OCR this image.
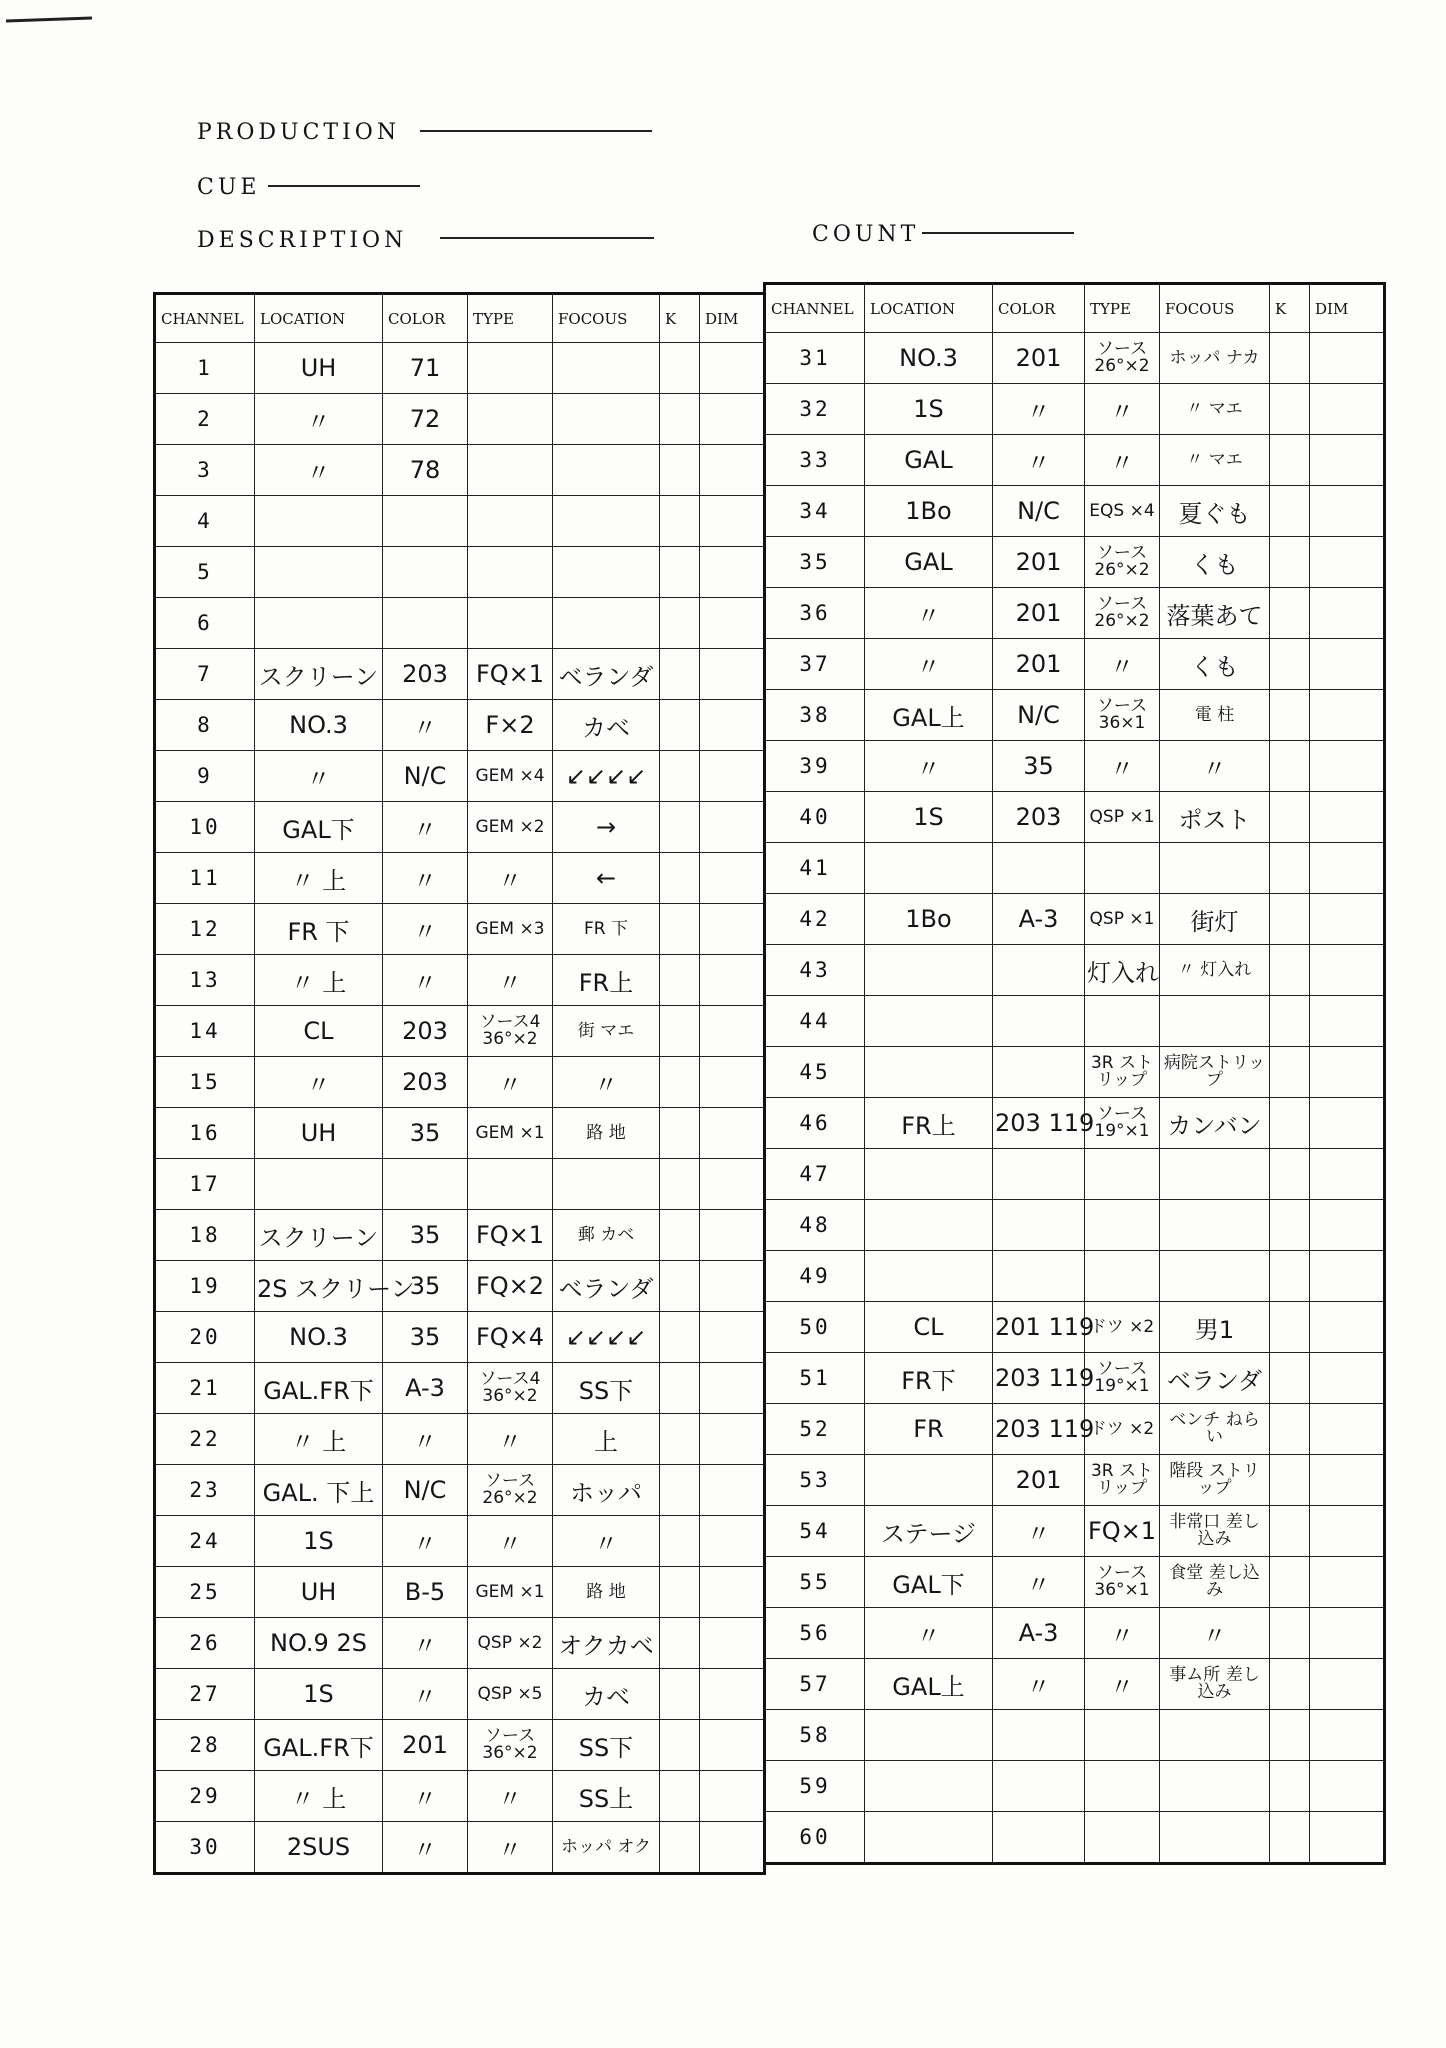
PRODUCTION
CUE
DESCRIPTION	COUNT
CHANNEL	LOCATION	COLOR	TYPE	FOCOUS	K	DIM
1	UH	71				
2	〃	72				
3	〃	78				
4						
5						
6						
7	スクリーン	203	FQ×1	ベランダ		
8	NO.3	〃	F×2	カベ		
9	〃	N/C	GEM ×4	↙↙↙↙		
10	GAL下	〃	GEM ×2	→		
11	〃 上	〃	〃	←		
12	FR 下	〃	GEM ×3	FR 下		
13	〃 上	〃	〃	FR上		
14	CL	203	ソース4 36°×2	街 マエ		
15	〃	203	〃	〃		
16	UH	35	GEM ×1	路 地		
17						
18	スクリーン	35	FQ×1	郵 カベ		
19	2S スクリーン	35	FQ×2	ベランダ		
20	NO.3	35	FQ×4	↙↙↙↙		
21	GAL.FR下	A-3	ソース4 36°×2	SS下		
22	〃 上	〃	〃	上		
23	GAL. 下上	N/C	ソース 26°×2	ホッパ		
24	1S	〃	〃	〃		
25	UH	B-5	GEM ×1	路 地		
26	NO.9 2S	〃	QSP ×2	オクカベ		
27	1S	〃	QSP ×5	カベ		
28	GAL.FR下	201	ソース 36°×2	SS下		
29	〃 上	〃	〃	SS上		
30	2SUS	〃	〃	ホッパ オク		
CHANNEL	LOCATION	COLOR	TYPE	FOCOUS	K	DIM
31	NO.3	201	ソース 26°×2	ホッパ ナカ		
32	1S	〃	〃	〃 マエ		
33	GAL	〃	〃	〃 マエ		
34	1Bo	N/C	EQS ×4	夏ぐも		
35	GAL	201	ソース 26°×2	くも		
36	〃	201	ソース 26°×2	落葉あて		
37	〃	201	〃	くも		
38	GAL上	N/C	ソース 36×1	電 柱		
39	〃	35	〃	〃		
40	1S	203	QSP ×1	ポスト		
41						
42	1Bo	A-3	QSP ×1	街灯		
43			灯入れ	〃 灯入れ		
44						
45			3R ストリップ	病院ストリップ		
46	FR上	203 119	ソース 19°×1	カンバン		
47						
48						
49						
50	CL	201 119	ドツ ×2	男1		
51	FR下	203 119	ソース 19°×1	ベランダ		
52	FR	203 119	ドツ ×2	ベンチ ねらい		
53		201	3R ストリップ	階段 ストリップ		
54	ステージ	〃	FQ×1	非常口 差し込み		
55	GAL下	〃	ソース 36°×1	食堂 差し込み		
56	〃	A-3	〃	〃		
57	GAL上	〃	〃	事ム所 差し込み		
58						
59						
60						
